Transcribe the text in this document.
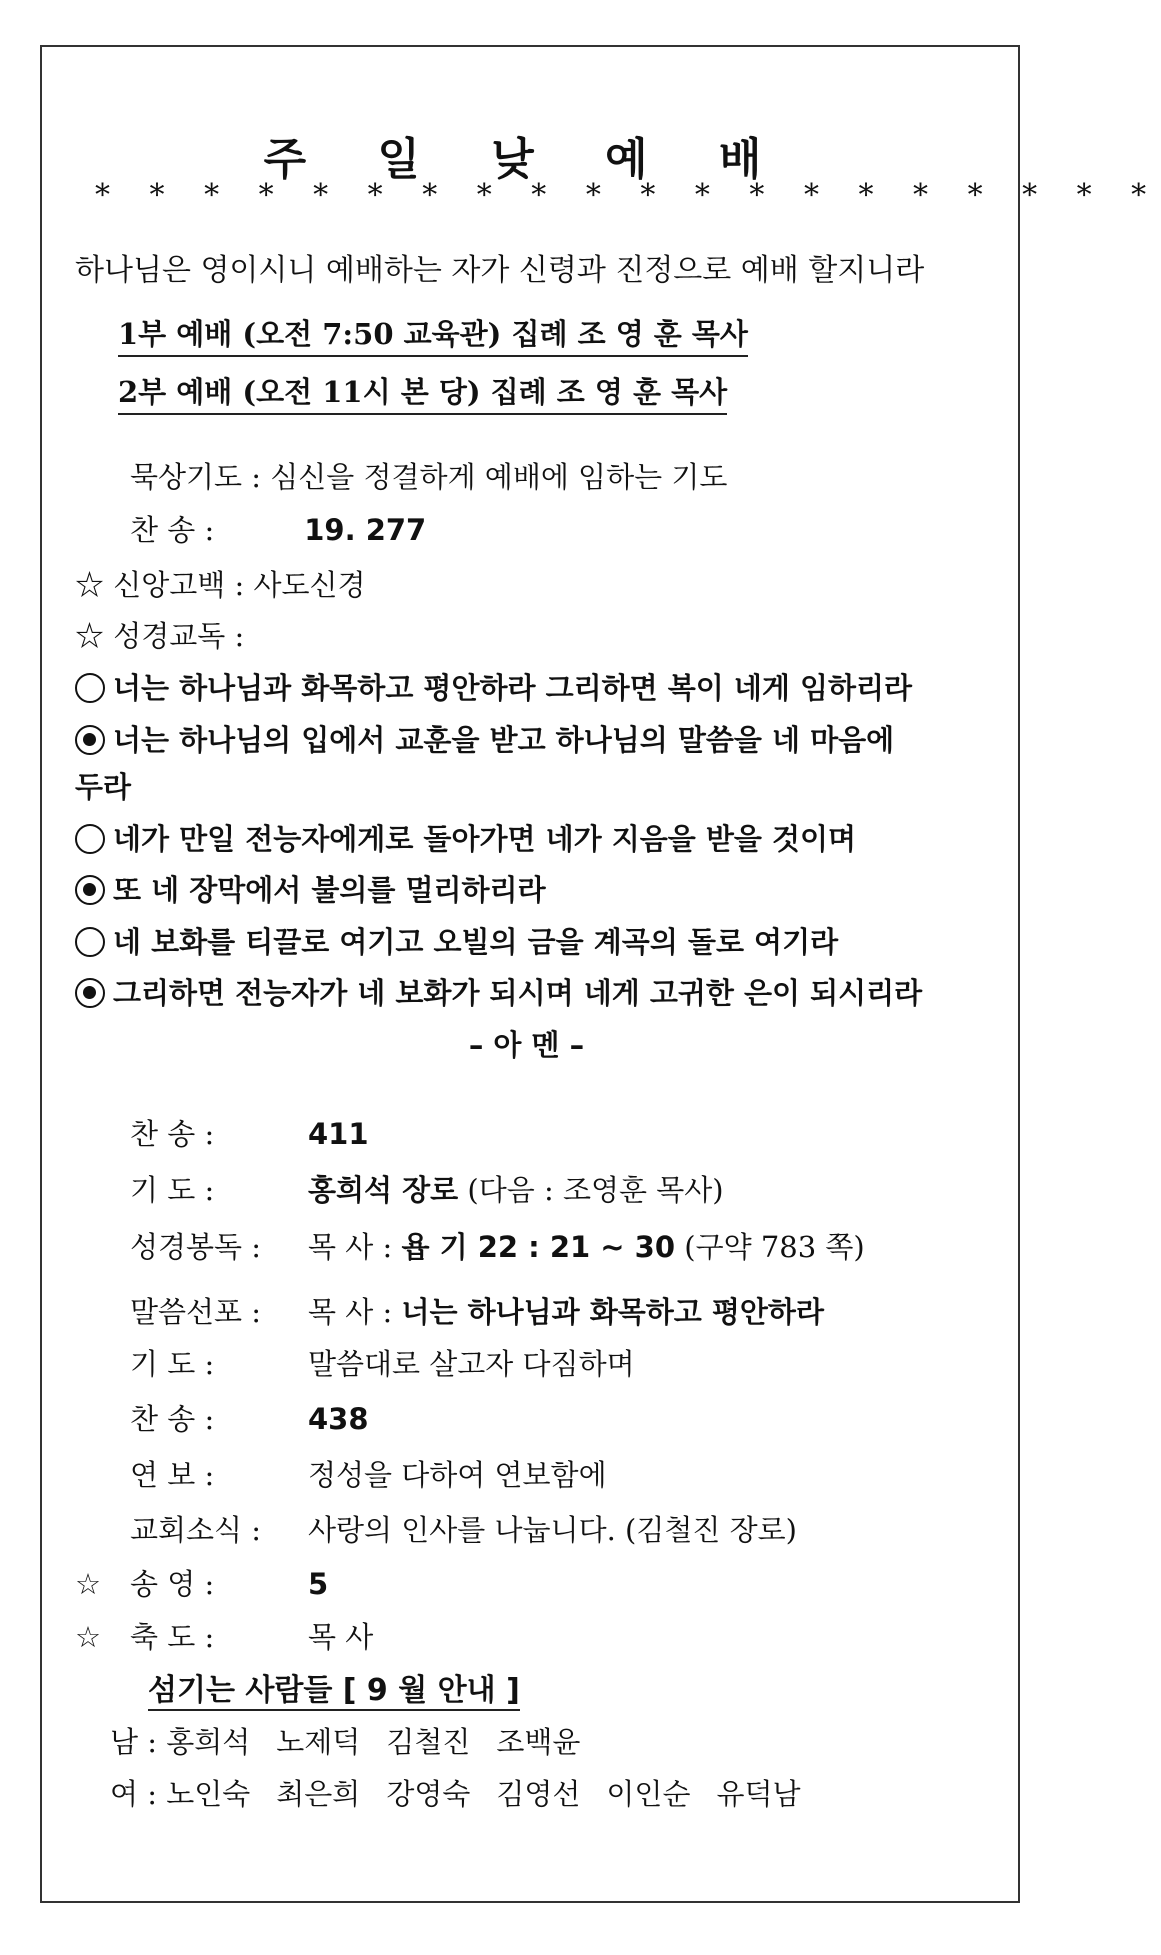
주 일 낮 예 배
* * * * * * * * * * * * * * * * * * * *
하나님은 영이시니 예배하는 자가 신령과 진정으로 예배 할지니라
1부 예배 (오전 7:50 교육관) 집례 조 영 훈 목사
2부 예배 (오전 11시 본 당) 집례 조 영 훈 목사
묵상기도 : 심신을 정결하게 예배에 임하는 기도
찬 송 :	19. 277
☆ 신앙고백 : 사도신경
☆ 성경교독 :
너는 하나님과 화목하고 평안하라 그리하면 복이 네게 임하리라
너는 하나님의 입에서 교훈을 받고 하나님의 말씀을 네 마음에
두라
네가 만일 전능자에게로 돌아가면 네가 지음을 받을 것이며
또 네 장막에서 불의를 멀리하리라
네 보화를 티끌로 여기고 오빌의 금을 계곡의 돌로 여기라
그리하면 전능자가 네 보화가 되시며 네게 고귀한 은이 되시리라
– 아 멘 –
찬 송 :	411
기 도 :	홍희석 장로 (다음 : 조영훈 목사)
성경봉독 : 목 사 : 욥 기 22 : 21 ~ 30 (구약 783 쪽)
말씀선포 : 목 사 : 너는 하나님과 화목하고 평안하라
기 도 :	말씀대로 살고자 다짐하며
찬 송 :	438
연 보 :	정성을 다하여 연보함에
교회소식 : 사랑의 인사를 나눕니다. (김철진 장로)
☆ 송 영 :	5
☆ 축 도 :	목 사
섬기는 사람들 [ 9 월 안내 ]
남 : 홍희석 노제덕 김철진 조백윤
여 : 노인숙 최은희 강영숙 김영선 이인순 유덕남
